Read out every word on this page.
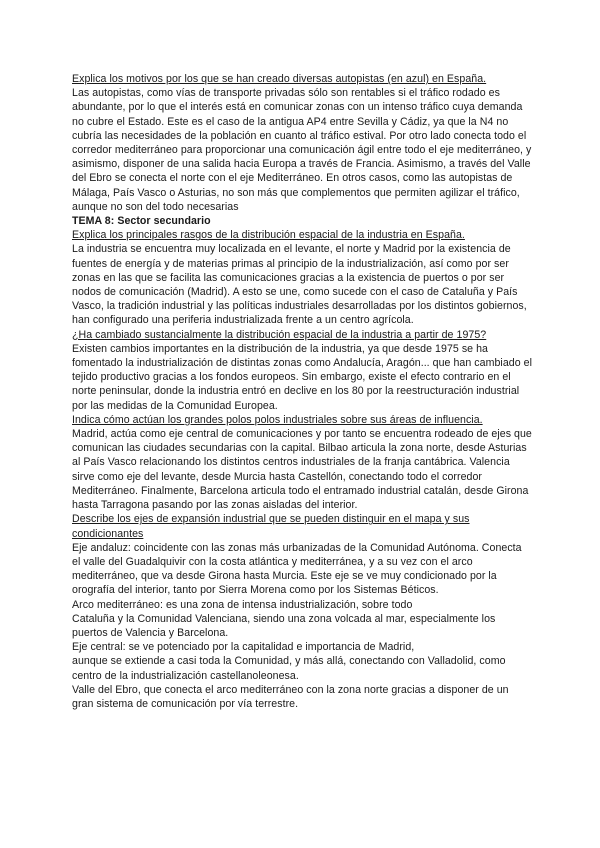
Explica los motivos por los que se han creado diversas autopistas (en azul) en España.

Las autopistas, como vías de transporte privadas sólo son rentables si el tráfico rodado es abundante, por lo que el interés está en comunicar zonas con un intenso tráfico cuya demanda no cubre el Estado. Este es el caso de la antigua AP4 entre Sevilla y Cádiz, ya que la N4 no cubría las necesidades de la población en cuanto al tráfico estival. Por otro lado conecta todo el corredor mediterráneo para proporcionar una comunicación ágil entre todo el eje mediterráneo, y asimismo, disponer de una salida hacia Europa a través de Francia. Asimismo, a través del Valle del Ebro se conecta el norte con el eje Mediterráneo. En otros casos, como las autopistas de Málaga, País Vasco o Asturias, no son más que complementos que permiten agilizar el tráfico, aunque no son del todo necesarias

TEMA 8: Sector secundario

Explica los principales rasgos de la distribución espacial de la industria en España.

La industria se encuentra muy localizada en el levante, el norte y Madrid por la existencia de fuentes de energía y de materias primas al principio de la industrialización, así como por ser zonas en las que se facilita las comunicaciones gracias a la existencia de puertos o por ser nodos de comunicación (Madrid). A esto se une, como sucede con el caso de Cataluña y País Vasco, la tradición industrial y las políticas industriales desarrolladas por los distintos gobiernos, han configurado una periferia industrializada frente a un centro agrícola.

¿Ha cambiado sustancialmente la distribución espacial de la industria a partir de 1975?

Existen cambios importantes en la distribución de la industria, ya que desde 1975 se ha fomentado la industrialización de distintas zonas como Andalucía, Aragón... que han cambiado el tejido productivo gracias a los fondos europeos. Sin embargo, existe el efecto contrario en el norte peninsular, donde la industria entró en declive en los 80 por la reestructuración industrial por las medidas de la Comunidad Europea.

Indica cómo actúan los grandes polos polos industriales sobre sus áreas de influencia.

Madrid, actúa como eje central de comunicaciones y por tanto se encuentra rodeado de ejes que comunican las ciudades secundarias con la capital. Bilbao articula la zona norte, desde Asturias al País Vasco relacionando los distintos centros industriales de la franja cantábrica. Valencia sirve como eje del levante, desde Murcia hasta Castellón, conectando todo el corredor Mediterráneo. Finalmente, Barcelona articula todo el entramado industrial catalán, desde Girona hasta Tarragona pasando por las zonas aisladas del interior.

Describe los ejes de expansión industrial que se pueden distinguir en el mapa y sus condicionantes

Eje andaluz: coincidente con las zonas más urbanizadas de la Comunidad Autónoma. Conecta el valle del Guadalquivir con la costa atlántica y mediterránea, y a su vez con el arco mediterráneo, que va desde Girona hasta Murcia. Este eje se ve muy condicionado por la orografía del interior, tanto por Sierra Morena como por los Sistemas Béticos.

Arco mediterráneo: es una zona de intensa industrialización, sobre todo

Cataluña y la Comunidad Valenciana, siendo una zona volcada al mar, especialmente los puertos de Valencia y Barcelona.

Eje central: se ve potenciado por la capitalidad e importancia de Madrid,

aunque se extiende a casi toda la Comunidad, y más allá, conectando con Valladolid, como centro de la industrialización castellanoleonesa.

Valle del Ebro, que conecta el arco mediterráneo con la zona norte gracias a disponer de un gran sistema de comunicación por vía terrestre.
